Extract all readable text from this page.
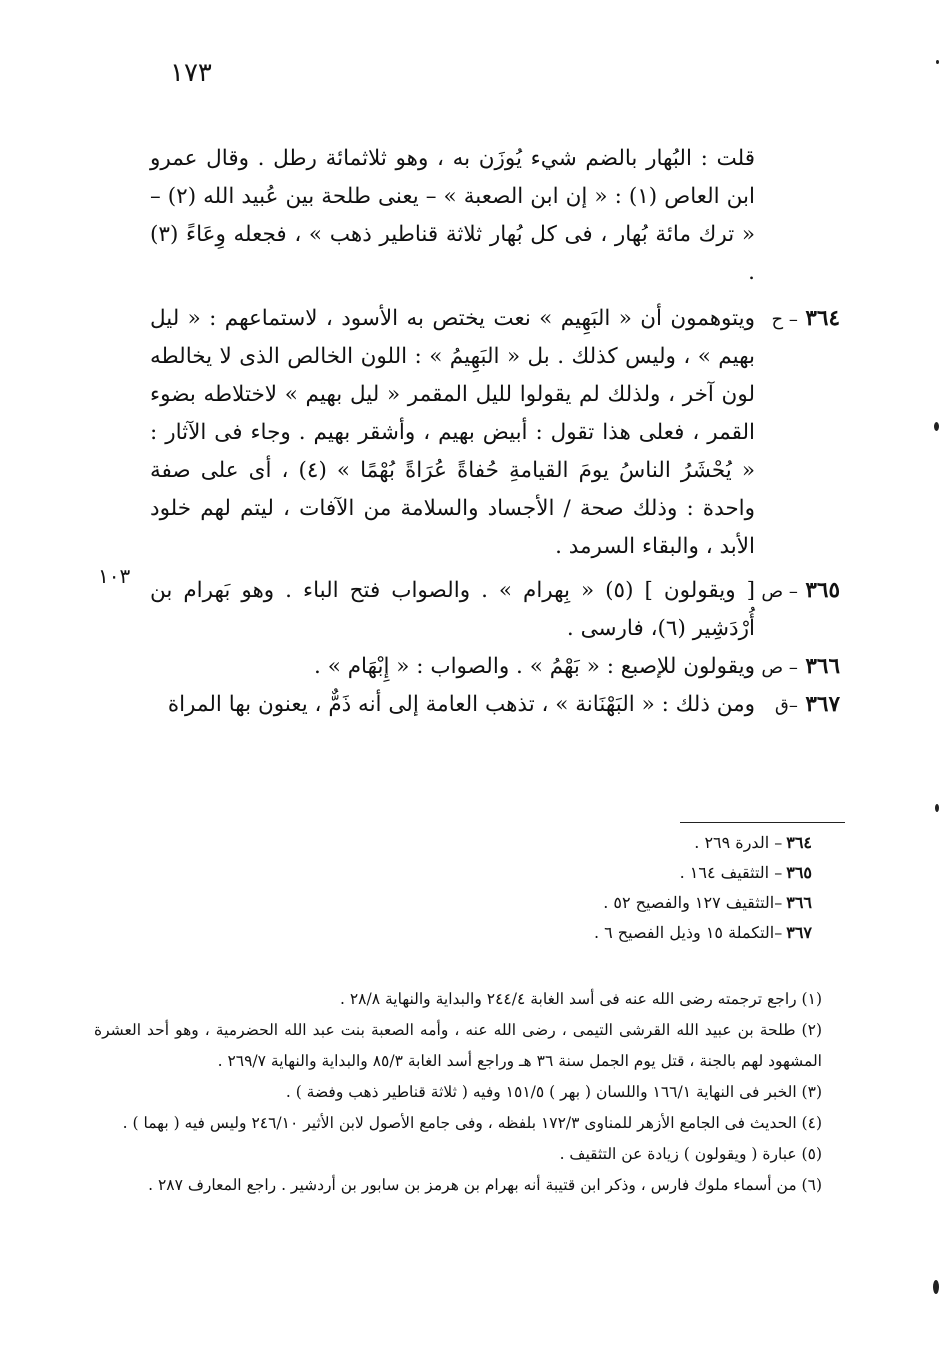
١٧٣

قلت : البُهار بالضم شيء يُوزَن به ، وهو ثلاثمائة رطل . وقال عمرو ابن العاص (١) : « إن ابن الصعبة » – يعنى طلحة بين عُبيد الله (٢) – « ترك مائة بُهار ، فى كل بُهار ثلاثة قناطير ذهب » ، فجعله وِعَاءً (٣) .

٣٦٤ – ح

ويتوهمون أن « البَهِيم » نعت يختص به الأسود ، لاستماعهم : « ليل بهيم » ، وليس كذلك . بل « البَهِيمُ » : اللون الخالص الذى لا يخالطه لون آخر ، ولذلك لم يقولوا لليل المقمر « ليل بهيم » لاختلاطه بضوء القمر ، فعلى هذا تقول : أبيض بهيم ، وأشقر بهيم . وجاء فى الآثار : « يُحْشَرُ الناسُ يومَ القيامةِ حُفاةً عُرَاةً بُهْمًا » (٤) ، أى على صفة واحدة : وذلك صحة / الأجساد والسلامة من الآفات ، ليتم لهم خلود الأبد ، والبقاء السرمد .

٣٦٥ – ص

[ ويقولون ] (٥) « بِهرام » . والصواب فتح الباء . وهو بَهرام بن أُرْدَشِير (٦)، فارسى .

٣٦٦ – ص

ويقولون للإصبع : « بَهْمُ » . والصواب : « إِبْهَام » .

٣٦٧ –ق

ومن ذلك : « البَهْنَانة » ، تذهب العامة إلى أنه ذَمٌّ ، يعنون بها المراة

١٠٣

٣٦٤– الدرة ٢٦٩ .

٣٦٥– التثقيف ١٦٤ .

٣٦٦–التثقيف ١٢٧ والفصيح ٥٢ .

٣٦٧–التكملة ١٥ وذيل الفصيح ٦ .

(١) راجع ترجمته رضى الله عنه فى أسد الغابة ٢٤٤/٤ والبداية والنهاية ٢٨/٨ .

(٢) طلحة بن عبيد الله القرشى التيمى ، رضى الله عنه ، وأمه الصعبة بنت عبد الله الحضرمية ، وهو أحد العشرة المشهود لهم بالجنة ، قتل يوم الجمل سنة ٣٦ هـ وراجع أسد الغابة ٨٥/٣ والبداية والنهاية ٢٦٩/٧ .

(٣) الخبر فى النهاية ١٦٦/١ واللسان ( بهر ) ١٥١/٥ وفيه ( ثلاثة قناطير ذهب وفضة ) .

(٤) الحديث فى الجامع الأزهر للمناوى ١٧٢/٣ بلفظه ، وفى جامع الأصول لابن الأثير ٢٤٦/١٠ وليس فيه ( بهما ) .

(٥) عبارة ( ويقولون ) زيادة عن التثقيف .

(٦) من أسماء ملوك فارس ، وذكر ابن قتيبة أنه بهرام بن هرمز بن سابور بن أردشير . راجع المعارف ٢٨٧ .
